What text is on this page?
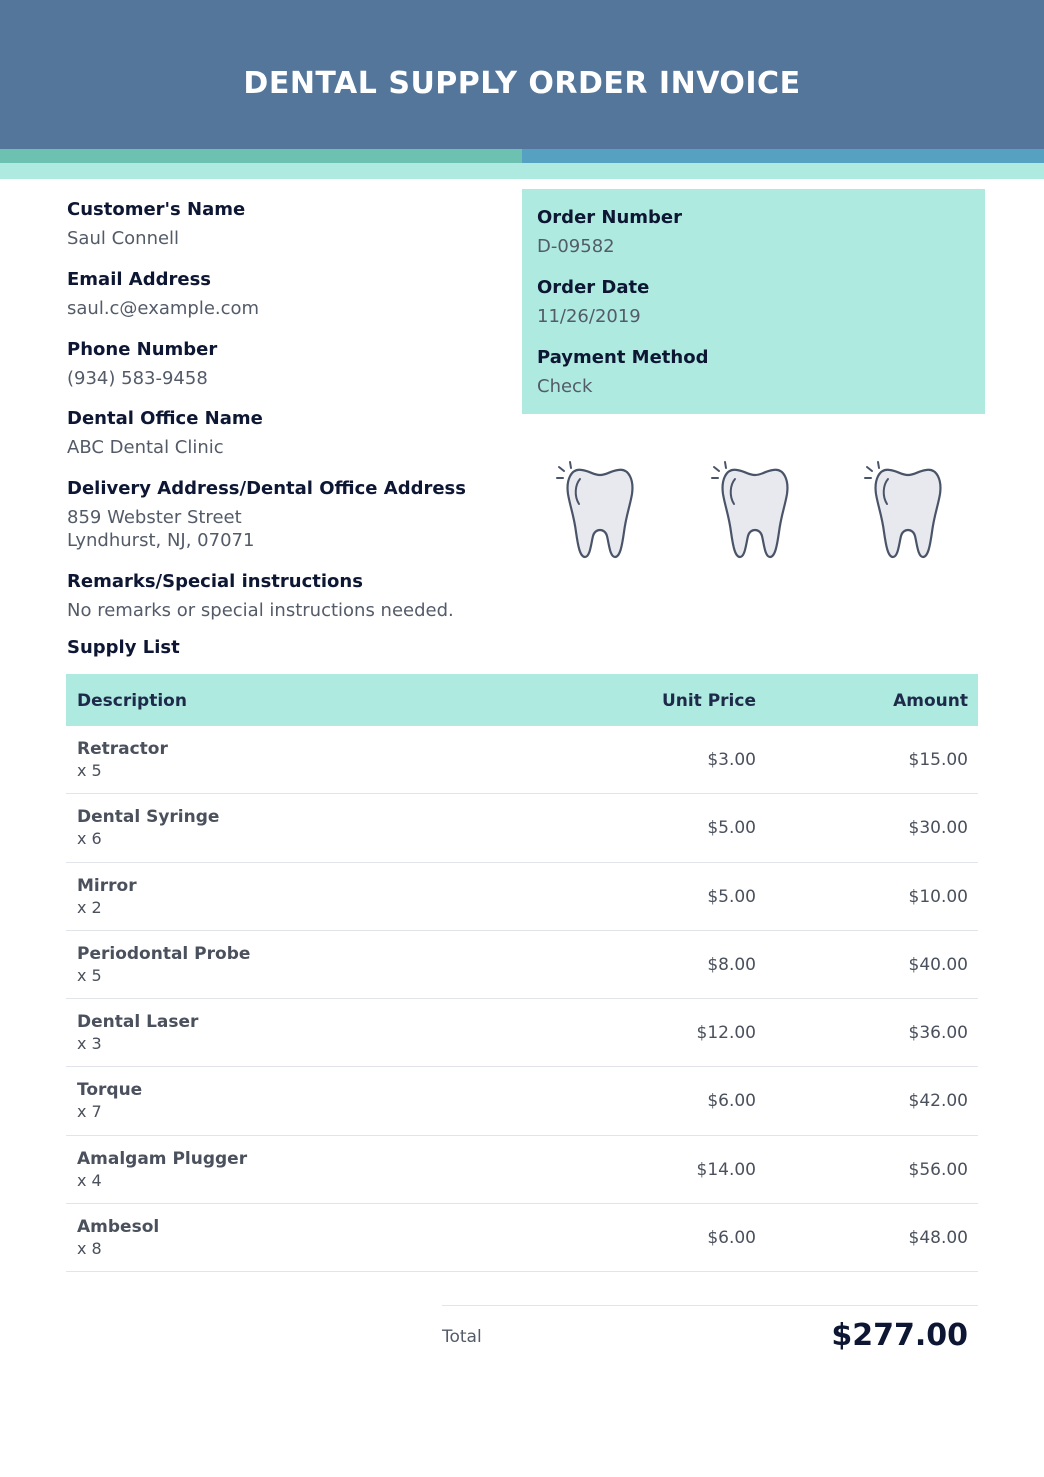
DENTAL SUPPLY ORDER INVOICE
Customer's Name
Saul Connell
Email Address
saul.c@example.com
Phone Number
(934) 583-9458
Dental Office Name
ABC Dental Clinic
Delivery Address/Dental Office Address
859 Webster Street
Lyndhurst, NJ, 07071
Remarks/Special instructions
No remarks or special instructions needed.
Order Number
D-09582
Order Date
11/26/2019
Payment Method
Check
Supply List
Description	Unit Price	Amount
Retractor
x 5
$3.00	$15.00
Dental Syringe
x 6
$5.00	$30.00
Mirror
x 2
$5.00	$10.00
Periodontal Probe
x 5
$8.00	$40.00
Dental Laser
x 3
$12.00	$36.00
Torque
x 7
$6.00	$42.00
Amalgam Plugger
x 4
$14.00	$56.00
Ambesol
x 8
$6.00	$48.00
Total	$277.00
